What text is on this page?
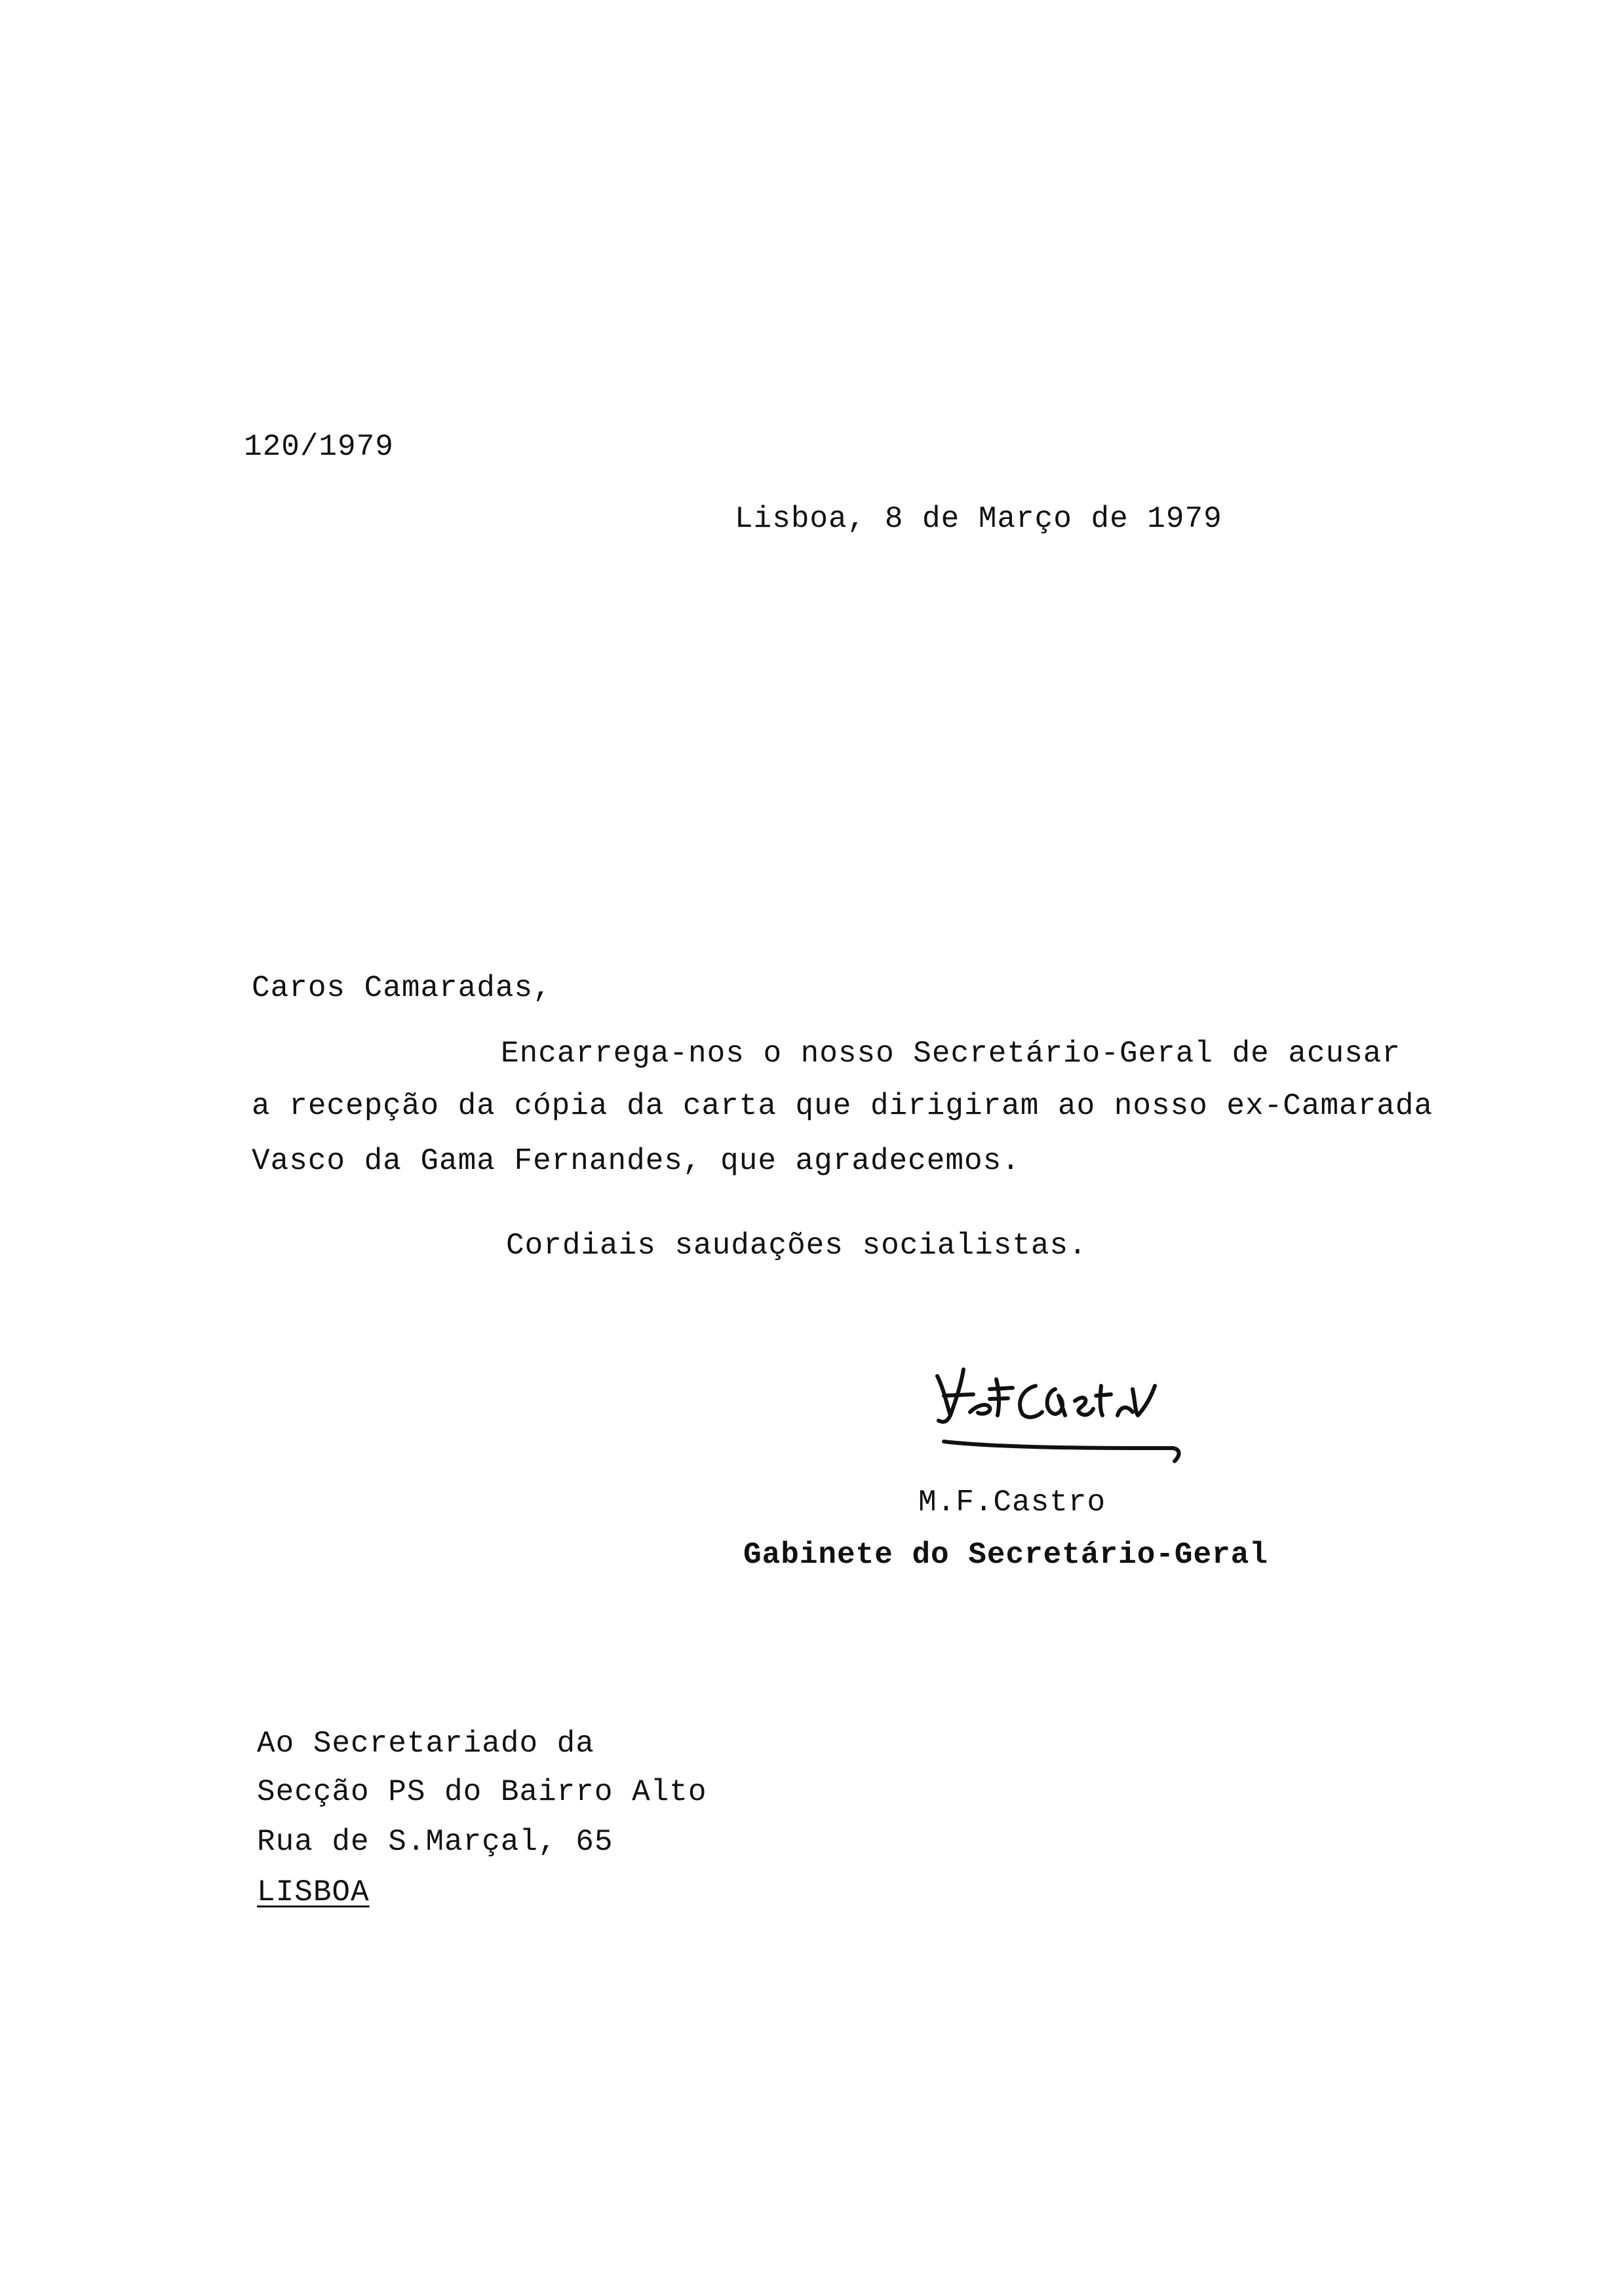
120/1979
Lisboa, 8 de Março de 1979
Caros Camaradas,
Encarrega-nos o nosso Secretário-Geral de acusar
a recepção da cópia da carta que dirigiram ao nosso ex-Camarada
Vasco da Gama Fernandes, que agradecemos.
Cordiais saudações socialistas.
M.F.Castro
Gabinete do Secretário-Geral
Ao Secretariado da
Secção PS do Bairro Alto
Rua de S.Marçal, 65
LISBOA
